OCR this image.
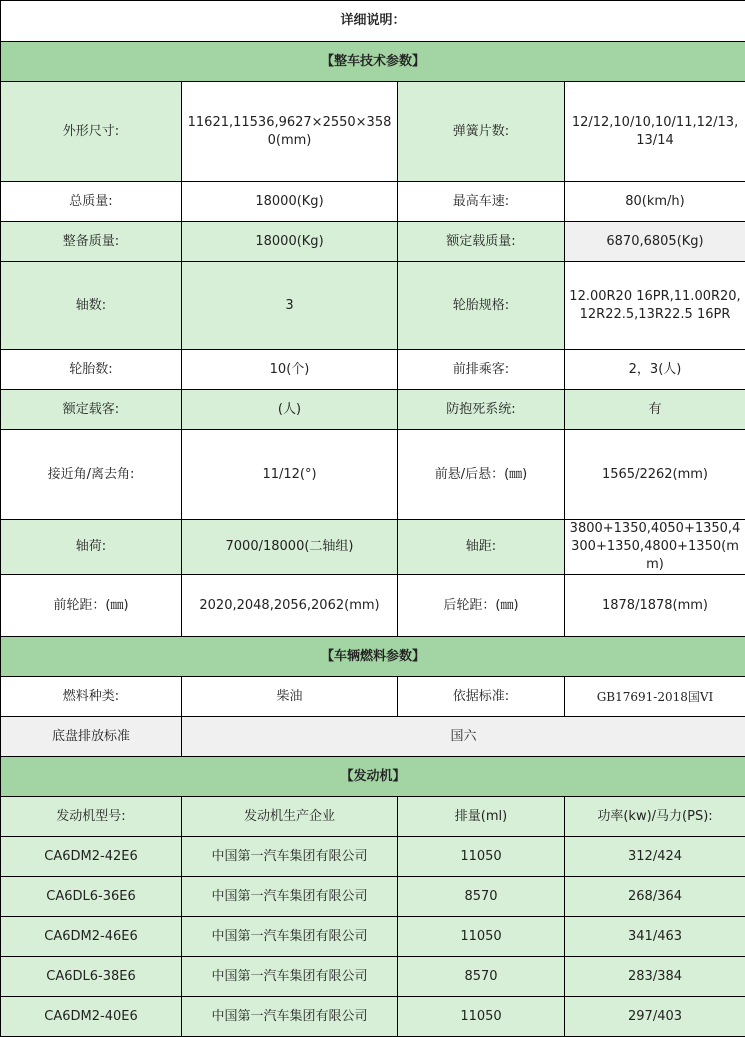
详细说明：			
【整车技术参数】			
外形尺寸:	11621,11536,9627×2550×3580(mm)	弹簧片数:	12/12,10/10,10/11,12/13,13/14
总质量:	18000(Kg)	最高车速:	80(km/h)
整备质量:	18000(Kg)	额定载质量:	6870,6805(Kg)
轴数:	3	轮胎规格:	12.00R20 16PR,11.00R20,12R22.5,13R22.5 16PR
轮胎数:	10(个)	前排乘客:	2，3(人)
额定载客:	(人)	防抱死系统:	有
接近角/离去角:	11/12(°)	前悬/后悬：(㎜)	1565/2262(mm)
轴荷:	7000/18000(二轴组)	轴距:	3800+1350,4050+1350,4300+1350,4800+1350(mm)
前轮距：(㎜)	2020,2048,2056,2062(mm)	后轮距：(㎜)	1878/1878(mm)
【车辆燃料参数】			
燃料种类:	柴油	依据标准:	GB17691-2018国VI
底盘排放标准	国六		
【发动机】			
发动机型号:	发动机生产企业	排量(ml)	功率(kw)/马力(PS):
CA6DM2-42E6	中国第一汽车集团有限公司	11050	312/424
CA6DL6-36E6	中国第一汽车集团有限公司	8570	268/364
CA6DM2-46E6	中国第一汽车集团有限公司	11050	341/463
CA6DL6-38E6	中国第一汽车集团有限公司	8570	283/384
CA6DM2-40E6	中国第一汽车集团有限公司	11050	297/403
